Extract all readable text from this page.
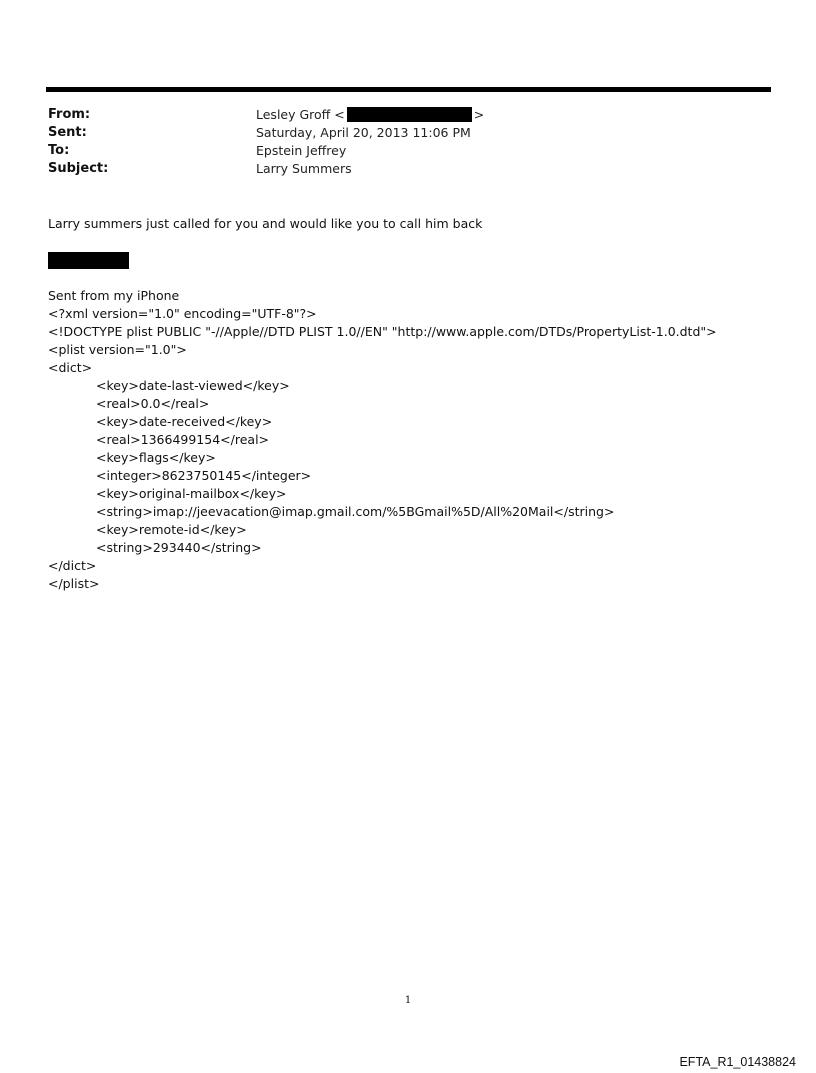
From:	Lesley Groff <	>
Sent:	Saturday, April 20, 2013 11:06 PM
To:	Epstein Jeffrey
Subject:	Larry Summers
Larry summers just called for you and would like you to call him back
Sent from my iPhone
<?xml version="1.0" encoding="UTF-8"?>
<!DOCTYPE plist PUBLIC "-//Apple//DTD PLIST 1.0//EN" "http://www.apple.com/DTDs/PropertyList-1.0.dtd">
<plist version="1.0">
<dict>
<key>date-last-viewed</key>
<real>0.0</real>
<key>date-received</key>
<real>1366499154</real>
<key>flags</key>
<integer>8623750145</integer>
<key>original-mailbox</key>
<string>imap://jeevacation@imap.gmail.com/%5BGmail%5D/All%20Mail</string>
<key>remote-id</key>
<string>293440</string>
</dict>
</plist>
1
EFTA_R1_01438824
